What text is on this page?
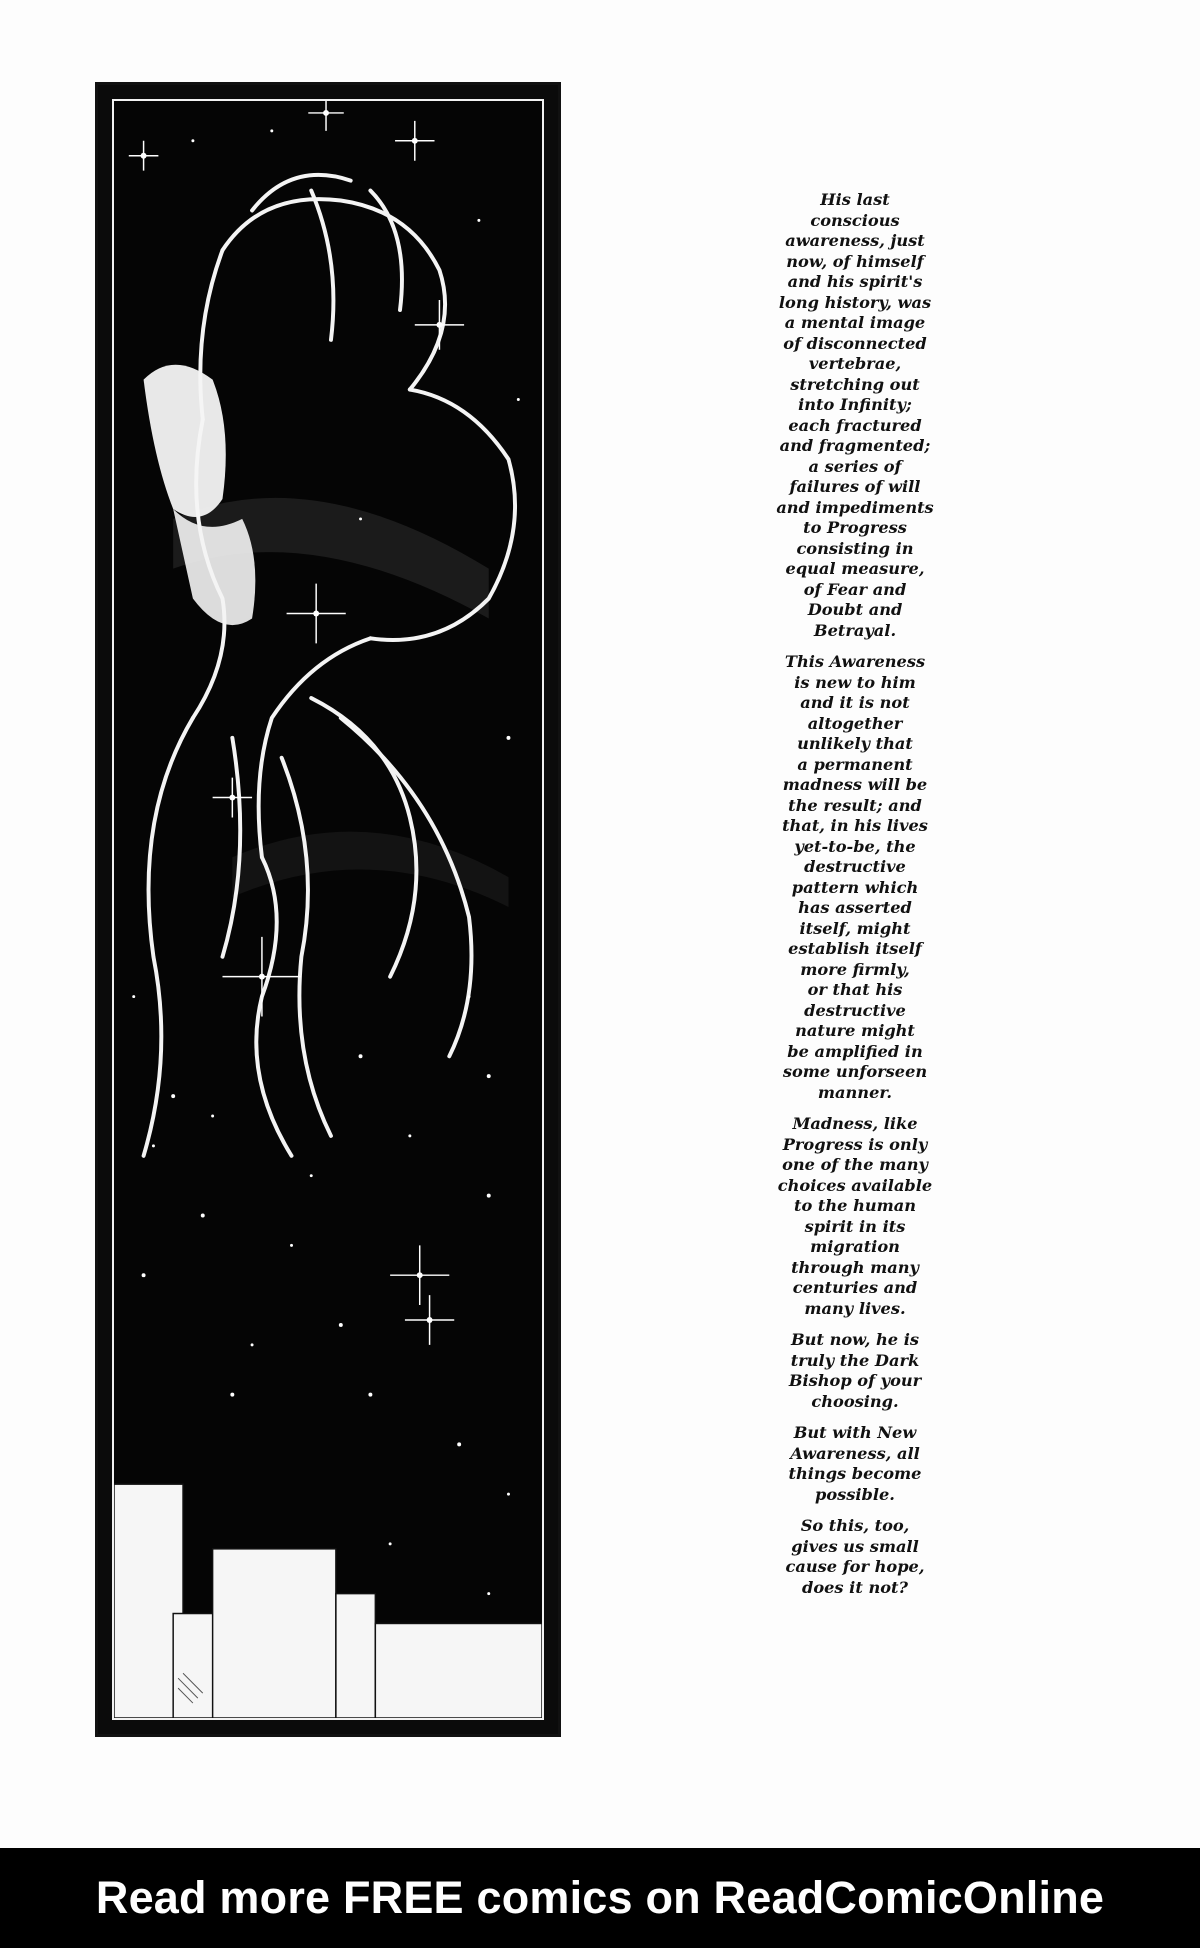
His last
conscious
awareness, just
now, of himself
and his spirit's
long history, was
a mental image
of disconnected
vertebrae,
stretching out
into Infinity;
each fractured
and fragmented;
a series of
failures of will
and impediments
to Progress
consisting in
equal measure,
of Fear and
Doubt and
Betrayal.

This Awareness
is new to him
and it is not
altogether
unlikely that
a permanent
madness will be
the result; and
that, in his lives
yet-to-be, the
destructive
pattern which
has asserted
itself, might
establish itself
more firmly,
or that his
destructive
nature might
be amplified in
some unforseen
manner.

Madness, like
Progress is only
one of the many
choices available
to the human
spirit in its
migration
through many
centuries and
many lives.

But now, he is
truly the Dark
Bishop of your
choosing.

But with New
Awareness, all
things become
possible.

So this, too,
gives us small
cause for hope,
does it not?

Read more FREE comics on ReadComicOnline
